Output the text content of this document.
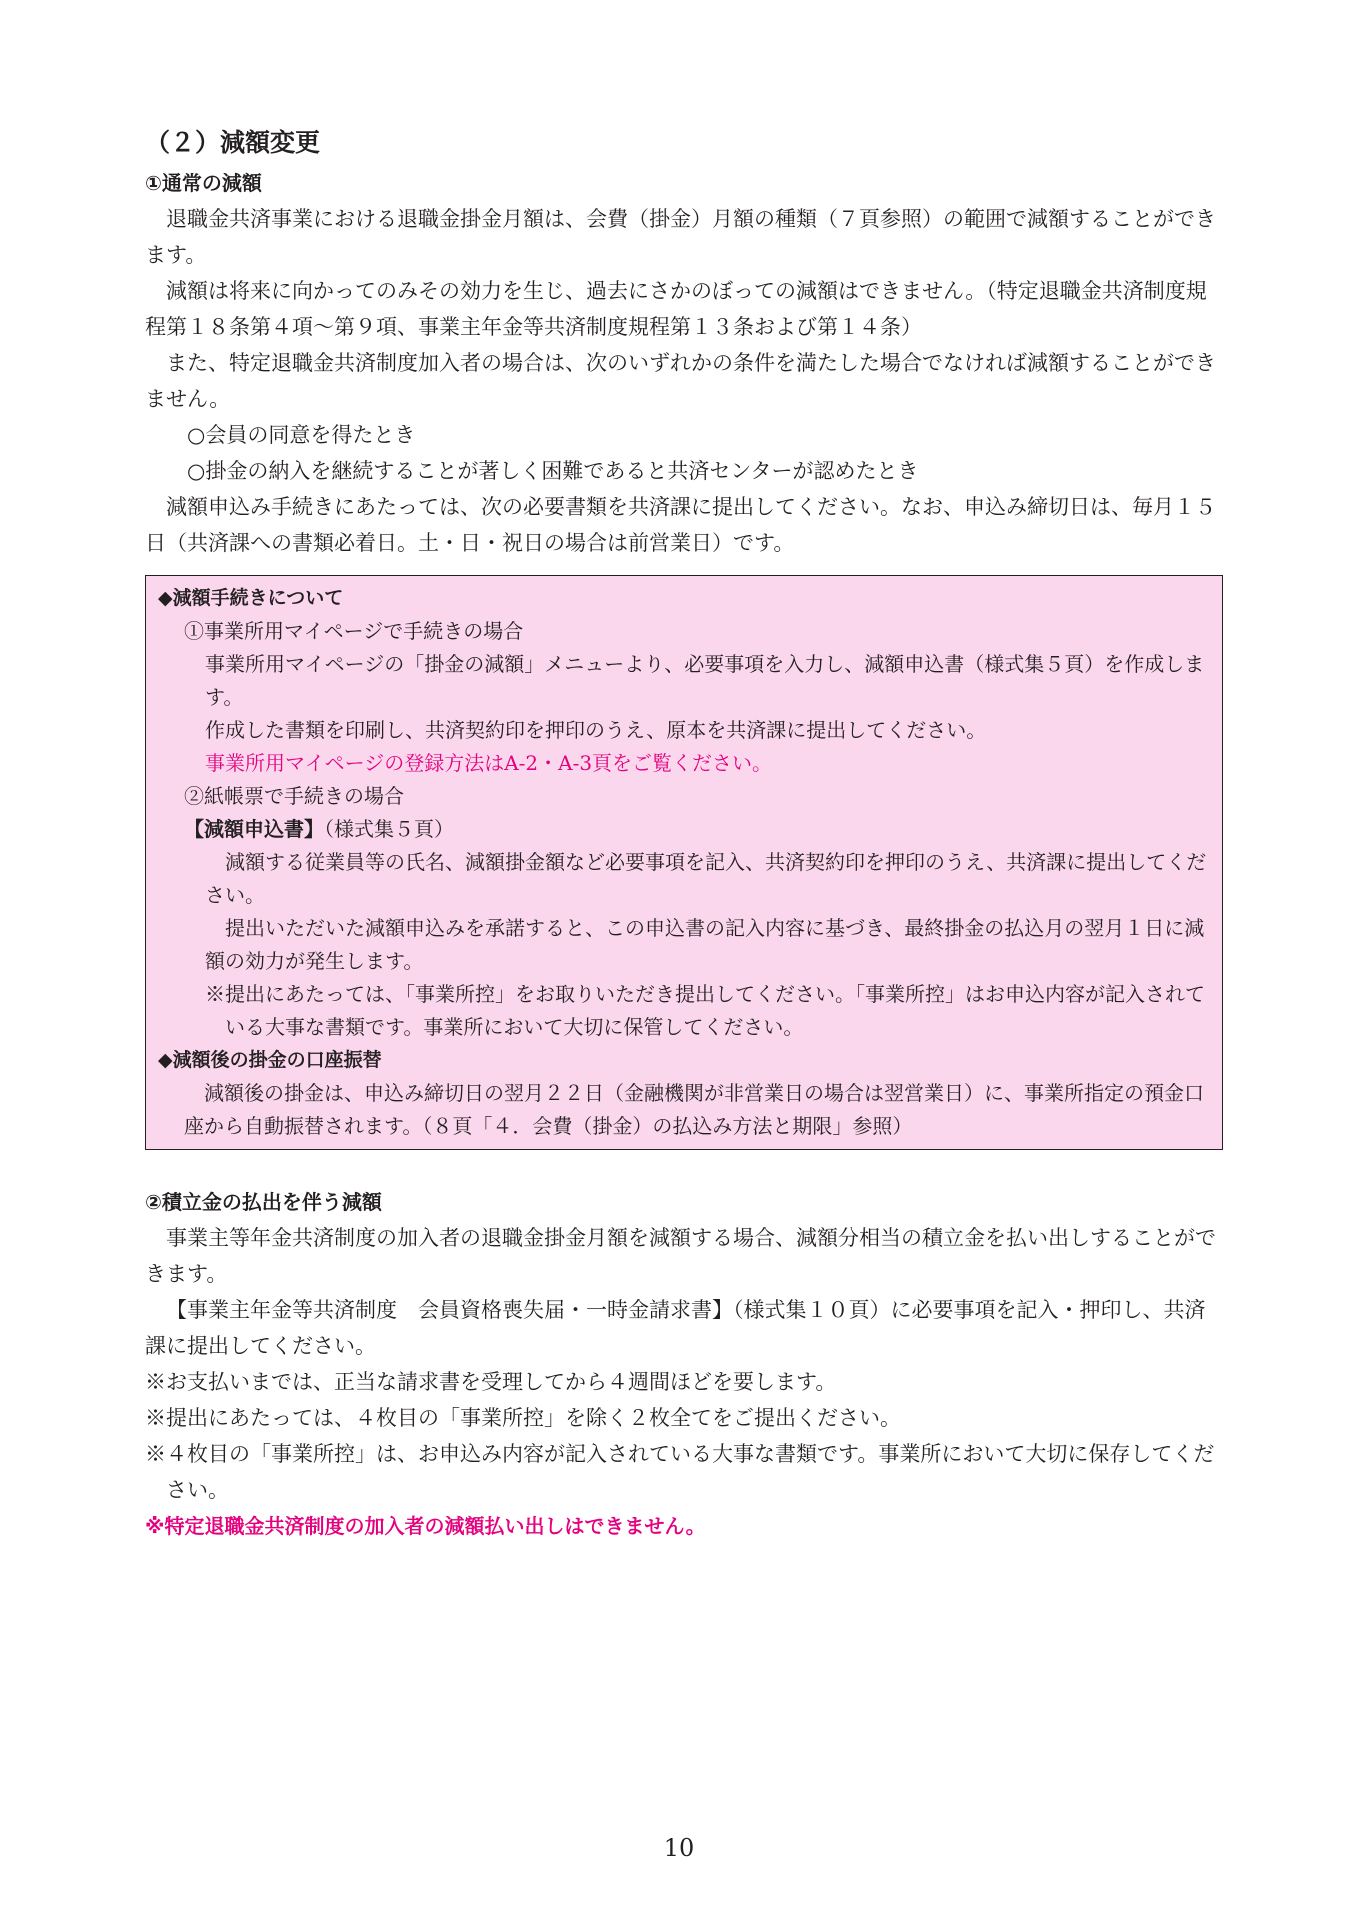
（２）減額変更
①通常の減額

退職金共済事業における退職金掛金月額は、会費（掛金）月額の種類（７頁参照）の範囲で減額することができます。

減額は将来に向かってのみその効力を生じ、過去にさかのぼっての減額はできません。（特定退職金共済制度規程第１８条第４項～第９項、事業主年金等共済制度規程第１３条および第１４条）

また、特定退職金共済制度加入者の場合は、次のいずれかの条件を満たした場合でなければ減額することができません。

○会員の同意を得たとき

○掛金の納入を継続することが著しく困難であると共済センターが認めたとき

減額申込み手続きにあたっては、次の必要書類を共済課に提出してください。なお、申込み締切日は、毎月１５日（共済課への書類必着日。土・日・祝日の場合は前営業日）です。

◆減額手続きについて
①事業所用マイページで手続きの場合
事業所用マイページの「掛金の減額」メニューより、必要事項を入力し、減額申込書（様式集５頁）を作成します。
作成した書類を印刷し、共済契約印を押印のうえ、原本を共済課に提出してください。
事業所用マイページの登録方法はA-2・A-3頁をご覧ください。
②紙帳票で手続きの場合
【減額申込書】（様式集５頁）
減額する従業員等の氏名、減額掛金額など必要事項を記入、共済契約印を押印のうえ、共済課に提出してください。
提出いただいた減額申込みを承諾すると、この申込書の記入内容に基づき、最終掛金の払込月の翌月１日に減額の効力が発生します。
※提出にあたっては、「事業所控」をお取りいただき提出してください。「事業所控」はお申込内容が記入されている大事な書類です。事業所において大切に保管してください。
◆減額後の掛金の口座振替
減額後の掛金は、申込み締切日の翌月２２日（金融機関が非営業日の場合は翌営業日）に、事業所指定の預金口座から自動振替されます。（８頁「４．会費（掛金）の払込み方法と期限」参照）
②積立金の払出を伴う減額

事業主等年金共済制度の加入者の退職金掛金月額を減額する場合、減額分相当の積立金を払い出しすることができます。

【事業主年金等共済制度　会員資格喪失届・一時金請求書】（様式集１０頁）に必要事項を記入・押印し、共済課に提出してください。

※お支払いまでは、正当な請求書を受理してから４週間ほどを要します。

※提出にあたっては、４枚目の「事業所控」を除く２枚全てをご提出ください。

※４枚目の「事業所控」は、お申込み内容が記入されている大事な書類です。事業所において大切に保存してください。

※特定退職金共済制度の加入者の減額払い出しはできません。

10
